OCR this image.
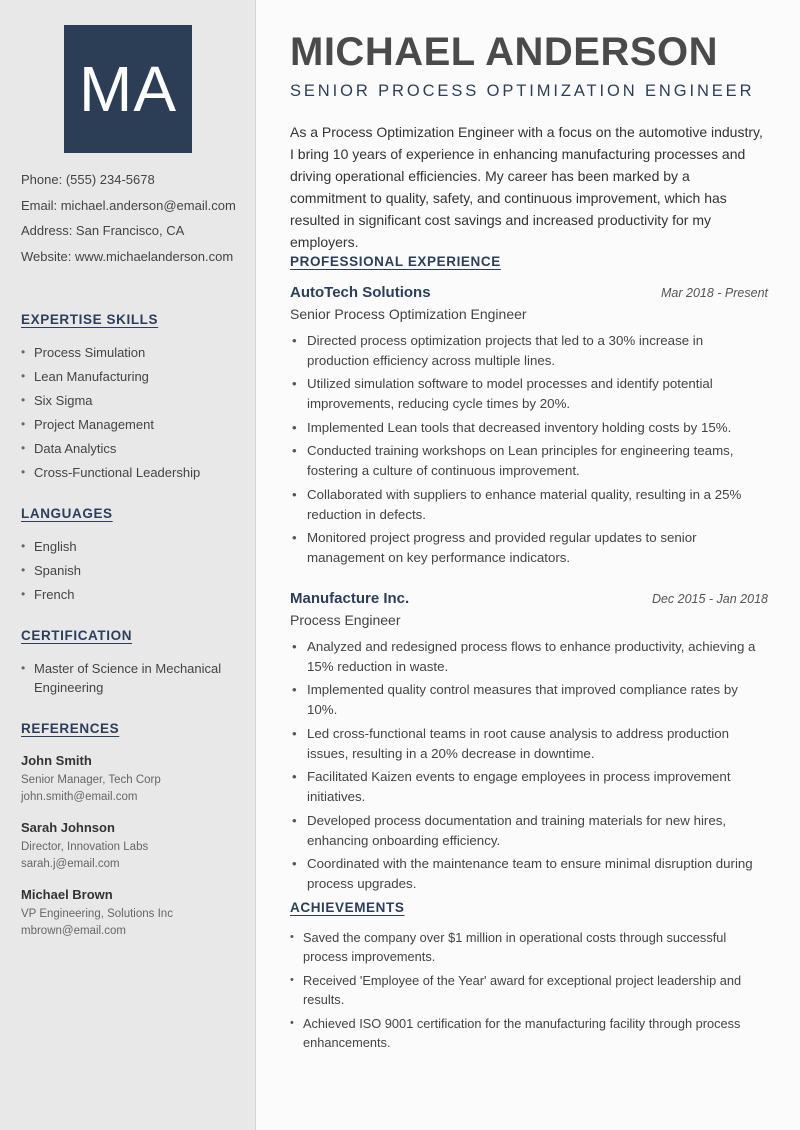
MA
Phone: (555) 234-5678
Email: michael.anderson@email.com
Address: San Francisco, CA
Website: www.michaelanderson.com
EXPERTISE SKILLS
• Process Simulation
• Lean Manufacturing
• Six Sigma
• Project Management
• Data Analytics
• Cross-Functional Leadership
LANGUAGES
• English
• Spanish
• French
CERTIFICATION
• Master of Science in Mechanical Engineering
REFERENCES
John Smith
Senior Manager, Tech Corp
john.smith@email.com
Sarah Johnson
Director, Innovation Labs
sarah.j@email.com
Michael Brown
VP Engineering, Solutions Inc
mbrown@email.com
MICHAEL ANDERSON
SENIOR PROCESS OPTIMIZATION ENGINEER

As a Process Optimization Engineer with a focus on the automotive industry, I bring 10 years of experience in enhancing manufacturing processes and driving operational efficiencies. My career has been marked by a commitment to quality, safety, and continuous improvement, which has resulted in significant cost savings and increased productivity for my employers.

PROFESSIONAL EXPERIENCE
AutoTech Solutions	Mar 2018 - Present
Senior Process Optimization Engineer
• Directed process optimization projects that led to a 30% increase in production efficiency across multiple lines.
• Utilized simulation software to model processes and identify potential improvements, reducing cycle times by 20%.
• Implemented Lean tools that decreased inventory holding costs by 15%.
• Conducted training workshops on Lean principles for engineering teams, fostering a culture of continuous improvement.
• Collaborated with suppliers to enhance material quality, resulting in a 25% reduction in defects.
• Monitored project progress and provided regular updates to senior management on key performance indicators.
Manufacture Inc.	Dec 2015 - Jan 2018
Process Engineer
• Analyzed and redesigned process flows to enhance productivity, achieving a 15% reduction in waste.
• Implemented quality control measures that improved compliance rates by 10%.
• Led cross-functional teams in root cause analysis to address production issues, resulting in a 20% decrease in downtime.
• Facilitated Kaizen events to engage employees in process improvement initiatives.
• Developed process documentation and training materials for new hires, enhancing onboarding efficiency.
• Coordinated with the maintenance team to ensure minimal disruption during process upgrades.
ACHIEVEMENTS
• Saved the company over $1 million in operational costs through successful process improvements.
• Received 'Employee of the Year' award for exceptional project leadership and results.
• Achieved ISO 9001 certification for the manufacturing facility through process enhancements.
